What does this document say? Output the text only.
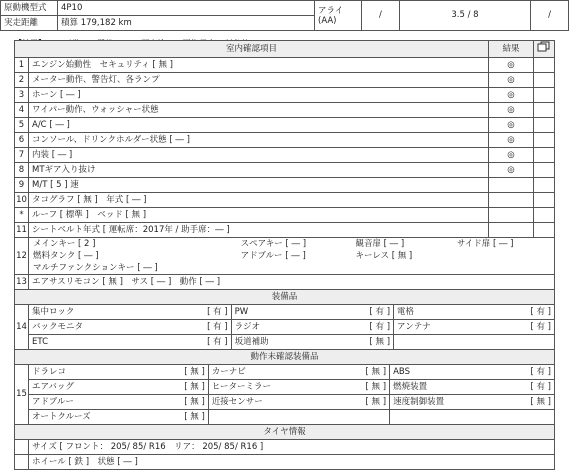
原動機型式	4P10	アライ
(AA)	/	3.5 / 8	/
実走距離	積算 179,182 km				
室内確認項目	結果	
1	エンジン始動性　セキュリティ [ 無 ]	◎	
2	メーター動作、警告灯、各ランプ	◎	
3	ホーン [ ― ]	◎	
4	ワイパー動作、ウォッシャー状態	◎	
5	A/C [ ― ]	◎	
6	コンソール、ドリンクホルダー状態 [ ― ]	◎	
7	内装 [ ― ]	◎	
8	MTギア入り抜け	◎	
9	M/T [ 5 ] 速		
10	タコグラフ [ 無 ]　年式 [ ― ]		
*	ルーフ [ 標準 ]　ベッド [ 無 ]		
11	シートベルト年式 [ 運転席：2017年 / 助手席：― ]		
12	
メインキー [ 2 ]	スペアキー [ ― ]	観音扉 [ ― ]	サイド扉 [ ― ]
燃料タンク [ ― ]	アドブルー [ ― ]	キーレス [ 無 ]	
マルチファンクションキー [ ― ]			

13	エアサスリモコン [ 無 ]　サス [ ― ]　動作 [ ― ]
装備品
14	
集中ロック	[ 有 ]	PW	[ 有 ]	電格	[ 有 ]
バックモニタ	[ 有 ]	ラジオ	[ 有 ]	アンテナ	[ 有 ]
ETC	[ 有 ]	坂道補助	[ 無 ]		

動作未確認装備品
15	
ドラレコ	[ 無 ]	カーナビ	[ 無 ]	ABS	[ 有 ]
エアバッグ	[ 無 ]	ヒーターミラー	[ 無 ]	燃焼装置	[ 有 ]
アドブルー	[ 無 ]	近接センサー	[ 無 ]	速度制御装置	[ 無 ]
オートクルーズ	[ 無 ]				

タイヤ情報
	サイズ [ フロント： 205/ 85/ R16　リア： 205/ 85/ R16 ]
	ホイール [ 鉄 ]　状態 [ ― ]
